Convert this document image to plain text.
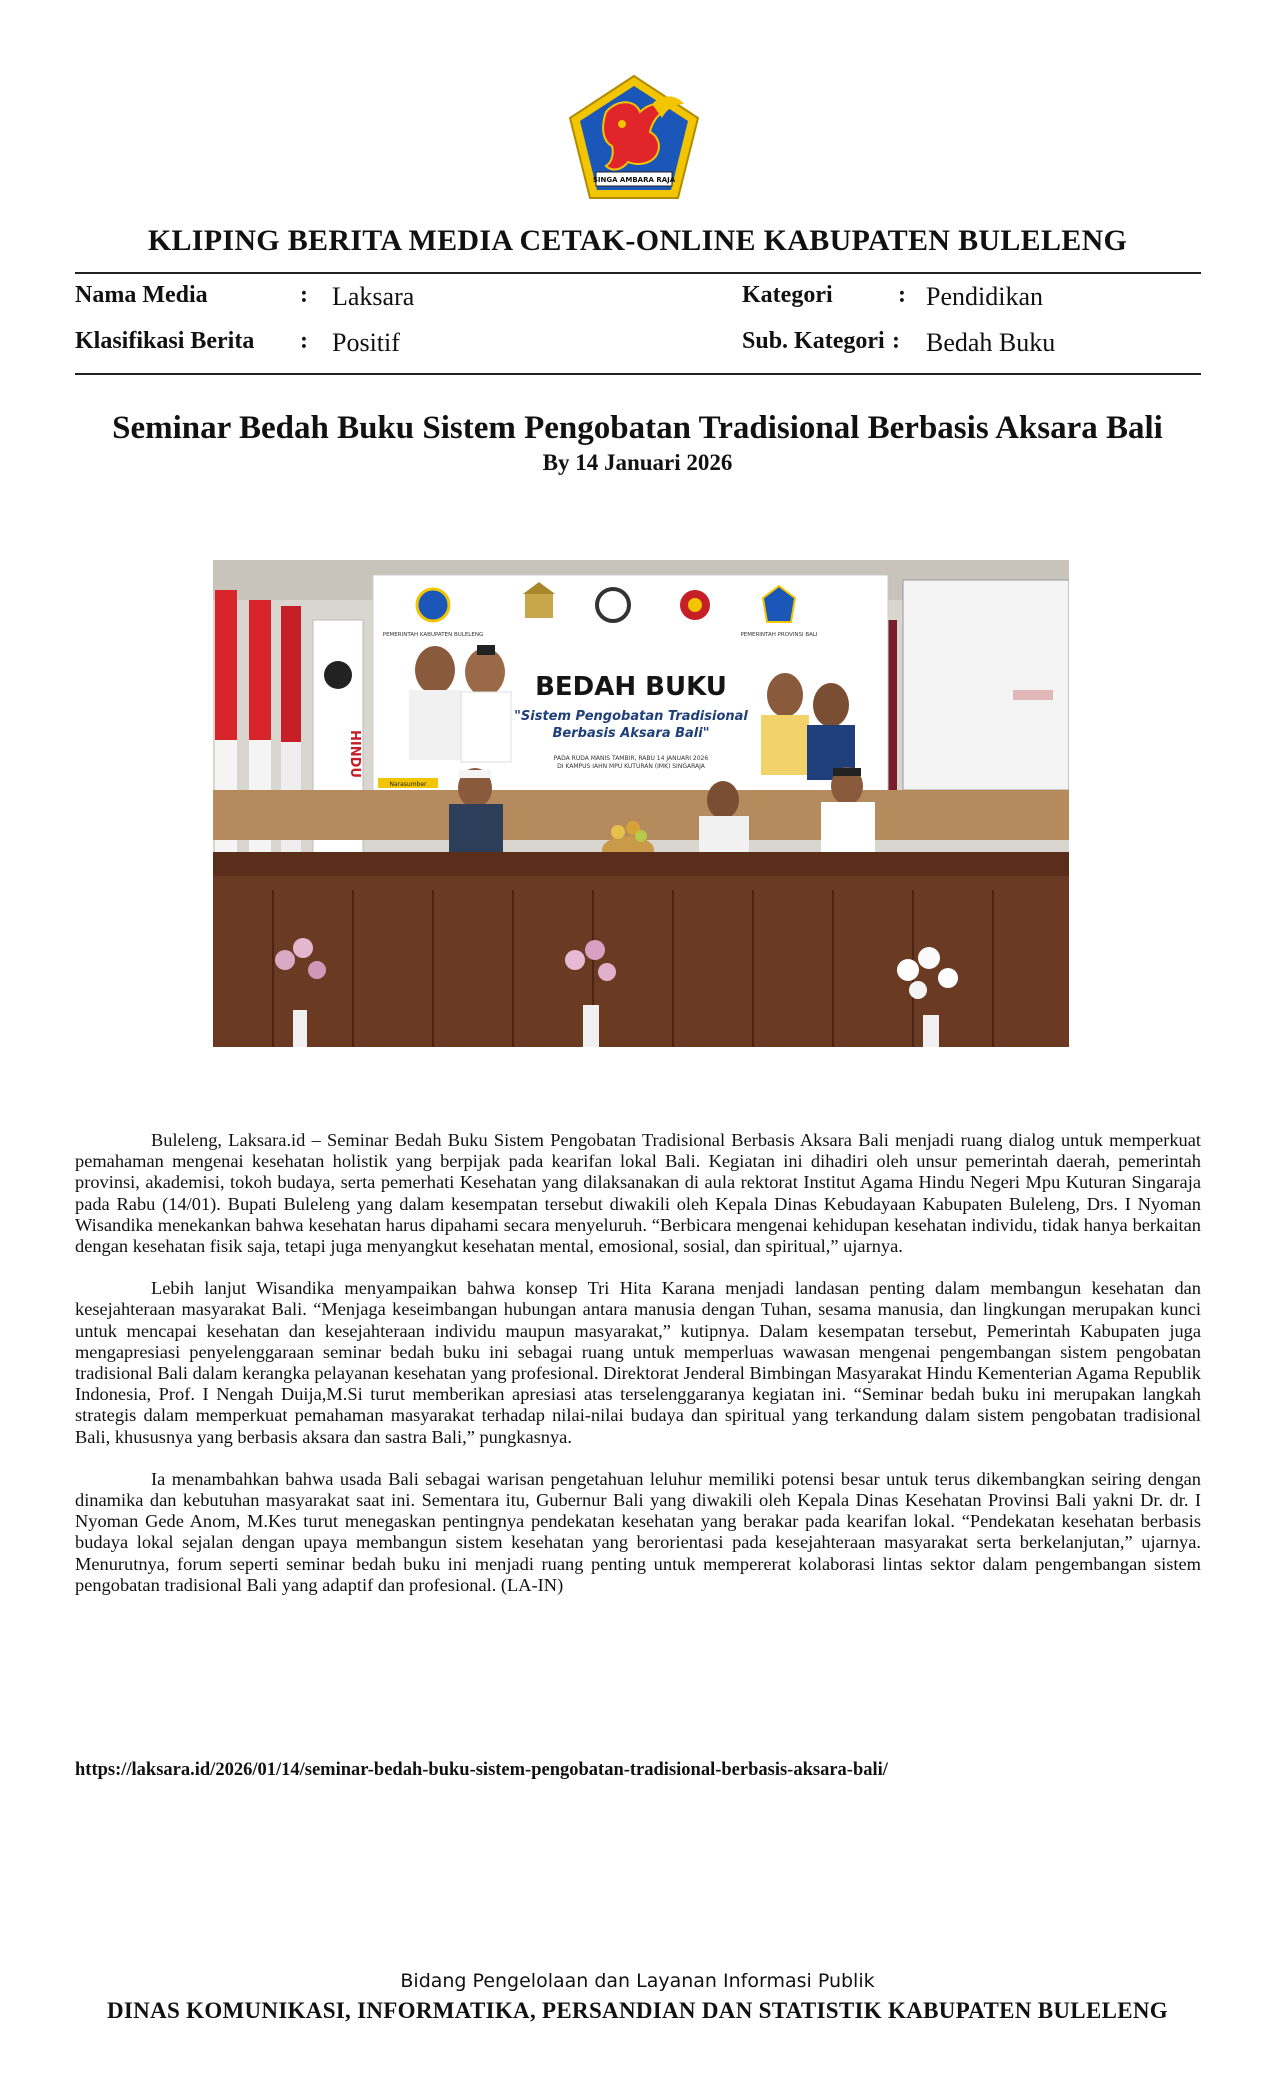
SINGA AMBARA RAJA
KLIPING BERITA MEDIA CETAK-ONLINE KABUPATEN BULELENG
Nama Media	: Laksara
Klasifikasi Berita : Positif
Kategori	: Pendidikan
Sub. Kategori : Bedah Buku
Seminar Bedah Buku Sistem Pengobatan Tradisional Berbasis Aksara Bali
By 14 Januari 2026
HINDU
PEMERINTAH KABUPATEN BULELENG	PEMERINTAH PROVINSI BALI
BEDAH BUKU
"Sistem Pengobatan Tradisional
Berbasis Aksara Bali"
PADA RUDA MANIS TAMBIR, RABU 14 JANUARI 2026
DI KAMPUS IAHN MPU KUTURAN (IMK) SINGARAJA
Narasumber

Buleleng, Laksara.id – Seminar Bedah Buku Sistem Pengobatan Tradisional Berbasis Aksara Bali menjadi ruang dialog untuk memperkuat pemahaman mengenai kesehatan holistik yang berpijak pada kearifan lokal Bali. Kegiatan ini dihadiri oleh unsur pemerintah daerah, pemerintah provinsi, akademisi, tokoh budaya, serta pemerhati Kesehatan yang dilaksanakan di aula rektorat Institut Agama Hindu Negeri Mpu Kuturan Singaraja pada Rabu (14/01). Bupati Buleleng yang dalam kesempatan tersebut diwakili oleh Kepala Dinas Kebudayaan Kabupaten Buleleng, Drs. I Nyoman Wisandika menekankan bahwa kesehatan harus dipahami secara menyeluruh. “Berbicara mengenai kehidupan kesehatan individu, tidak hanya berkaitan dengan kesehatan fisik saja, tetapi juga menyangkut kesehatan mental, emosional, sosial, dan spiritual,” ujarnya.

Lebih lanjut Wisandika menyampaikan bahwa konsep Tri Hita Karana menjadi landasan penting dalam membangun kesehatan dan kesejahteraan masyarakat Bali. “Menjaga keseimbangan hubungan antara manusia dengan Tuhan, sesama manusia, dan lingkungan merupakan kunci untuk mencapai kesehatan dan kesejahteraan individu maupun masyarakat,” kutipnya. Dalam kesempatan tersebut, Pemerintah Kabupaten juga mengapresiasi penyelenggaraan seminar bedah buku ini sebagai ruang untuk memperluas wawasan mengenai pengembangan sistem pengobatan tradisional Bali dalam kerangka pelayanan kesehatan yang profesional. Direktorat Jenderal Bimbingan Masyarakat Hindu Kementerian Agama Republik Indonesia, Prof. I Nengah Duija,M.Si turut memberikan apresiasi atas terselenggaranya kegiatan ini. “Seminar bedah buku ini merupakan langkah strategis dalam memperkuat pemahaman masyarakat terhadap nilai-nilai budaya dan spiritual yang terkandung dalam sistem pengobatan tradisional Bali, khususnya yang berbasis aksara dan sastra Bali,” pungkasnya.

Ia menambahkan bahwa usada Bali sebagai warisan pengetahuan leluhur memiliki potensi besar untuk terus dikembangkan seiring dengan dinamika dan kebutuhan masyarakat saat ini. Sementara itu, Gubernur Bali yang diwakili oleh Kepala Dinas Kesehatan Provinsi Bali yakni Dr. dr. I Nyoman Gede Anom, M.Kes turut menegaskan pentingnya pendekatan kesehatan yang berakar pada kearifan lokal. “Pendekatan kesehatan berbasis budaya lokal sejalan dengan upaya membangun sistem kesehatan yang berorientasi pada kesejahteraan masyarakat serta berkelanjutan,” ujarnya. Menurutnya, forum seperti seminar bedah buku ini menjadi ruang penting untuk mempererat kolaborasi lintas sektor dalam pengembangan sistem pengobatan tradisional Bali yang adaptif dan profesional. (LA-IN)

https://laksara.id/2026/01/14/seminar-bedah-buku-sistem-pengobatan-tradisional-berbasis-aksara-bali/
Bidang Pengelolaan dan Layanan Informasi Publik
DINAS KOMUNIKASI, INFORMATIKA, PERSANDIAN DAN STATISTIK KABUPATEN BULELENG
